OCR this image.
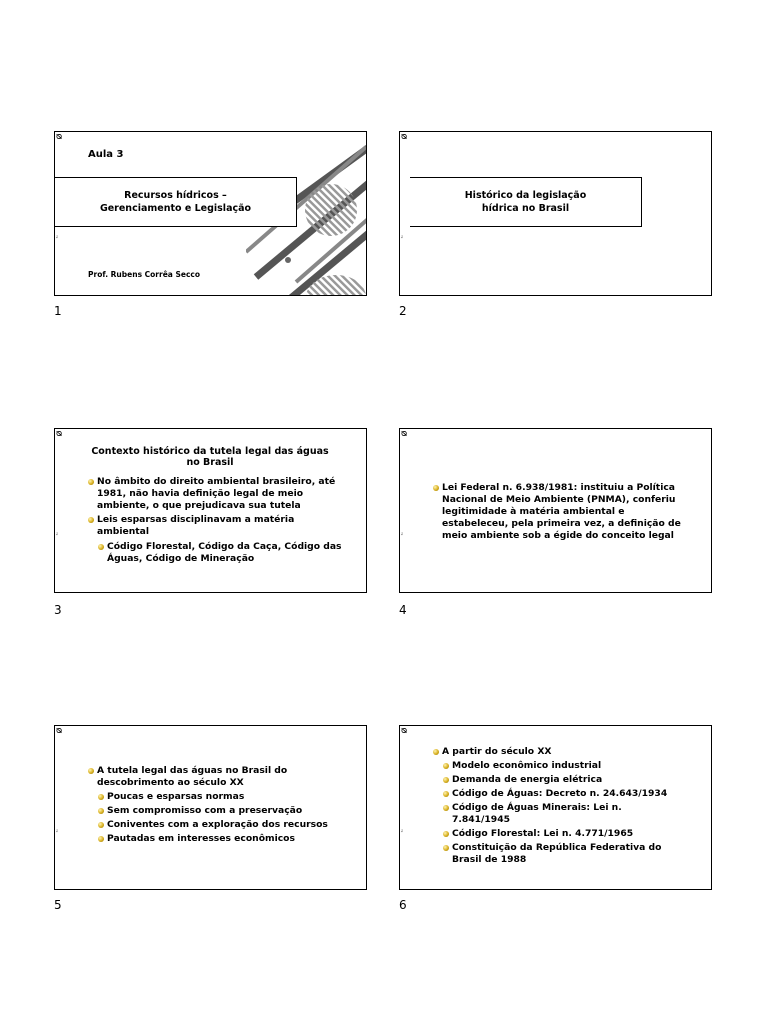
ᴓ
Aula 3
Recursos hídricos –
Gerenciamento e Legislação
⹌
Prof. Rubens Corrêa Secco
1
ᴓ
Histórico da legislação
hídrica no Brasil
⹌
2
ᴓ
Contexto histórico da tutela legal das águas
no Brasil
No âmbito do direito ambiental brasileiro, até 1981, não havia definição legal de meio ambiente, o que prejudicava sua tutela
Leis esparsas disciplinavam a matéria ambiental
Código Florestal, Código da Caça, Código das Águas, Código de Mineração
⹌
3
ᴓ
Lei Federal n. 6.938/1981: instituiu a Política Nacional de Meio Ambiente (PNMA), conferiu legitimidade à matéria ambiental e estabeleceu, pela primeira vez, a definição de meio ambiente sob a égide do conceito legal
⹌
4
ᴓ
A tutela legal das águas no Brasil do descobrimento ao século XX
Poucas e esparsas normas
Sem compromisso com a preservação
Coniventes com a exploração dos recursos
Pautadas em interesses econômicos
⹌
5
ᴓ
A partir do século XX
Modelo econômico industrial
Demanda de energia elétrica
Código de Águas: Decreto n. 24.643/1934
Código de Águas Minerais: Lei n. 7.841/1945
Código Florestal: Lei n. 4.771/1965
Constituição da República Federativa do Brasil de 1988
⹌
6
